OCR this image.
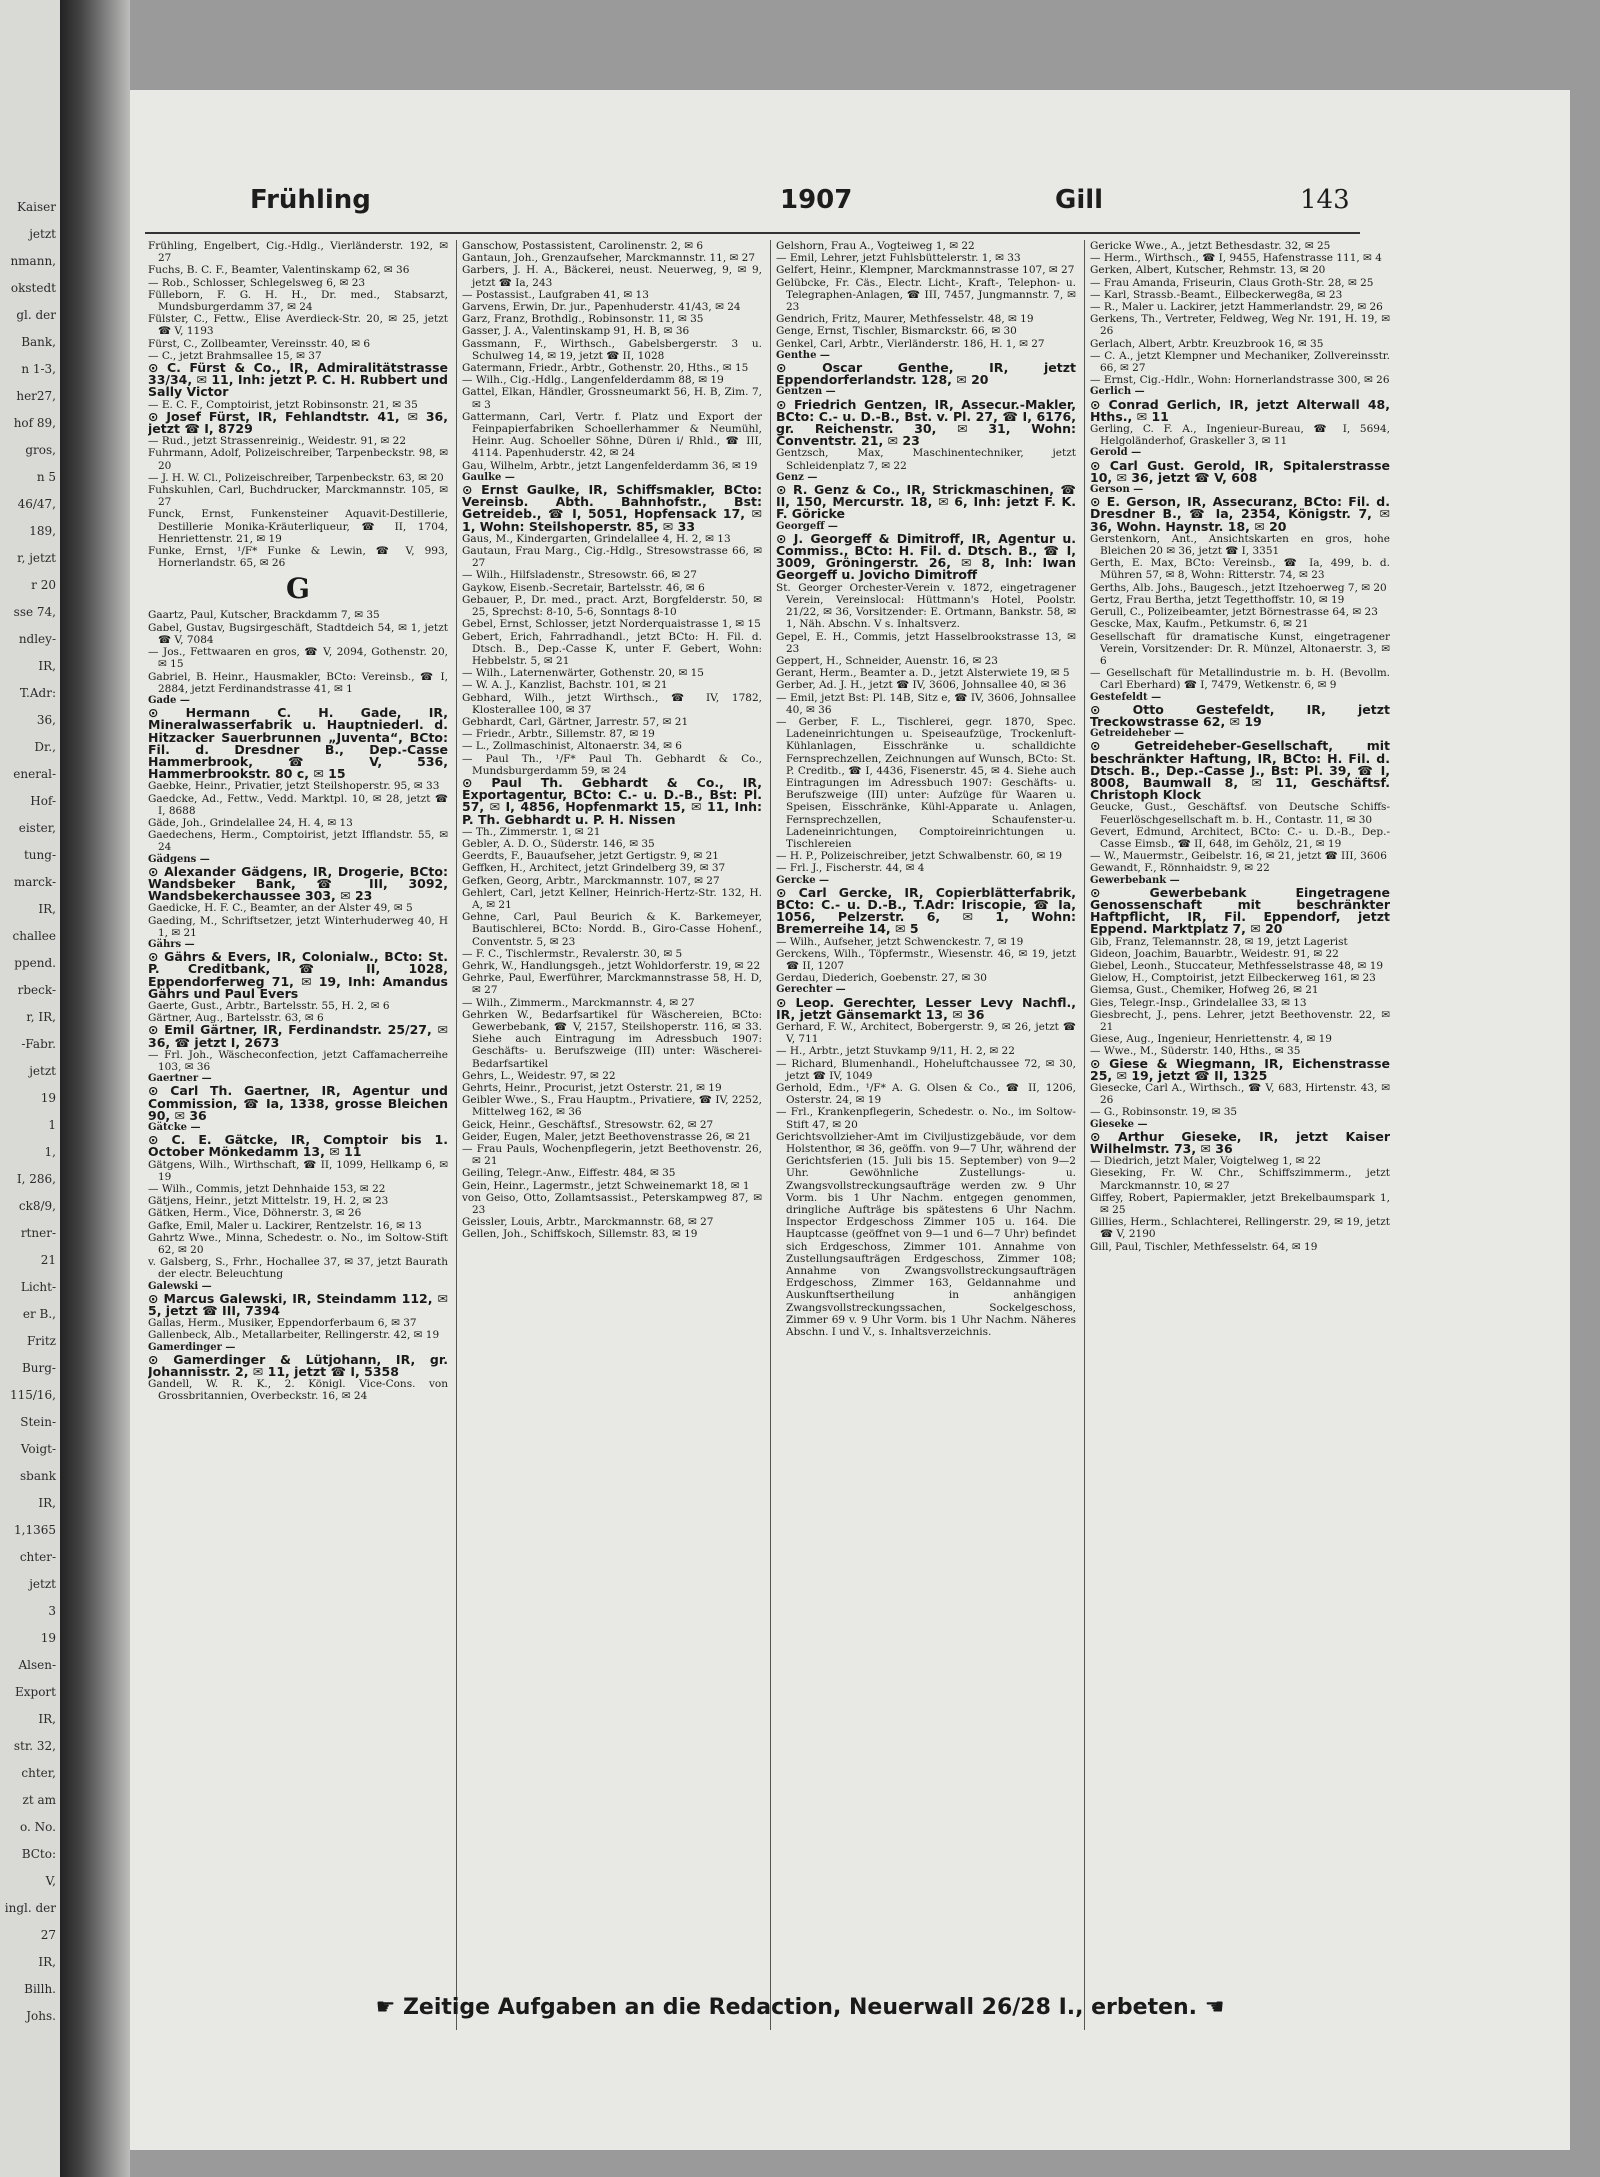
Kaiser
jetzt
nmann,
okstedt
gl. der
Bank,
n 1-3,
her27,
hof 89,
gros,
n 5
46/47,
189,
r, jetzt
r 20
sse 74,
ndley-
IR,
T.Adr:
36,
Dr.,
eneral-
Hof-
eister,
tung-
marck-
IR,
challee
ppend.
rbeck-
r, IR,
-Fabr.
jetzt
19
1
1,
I, 286,
ck8/9,
rtner-
21
Licht-
er B.,
Fritz
Burg-
115/16,
Stein-
Voigt-
sbank
IR,
1,1365
chter-
jetzt
3
19
Alsen-
Export
IR,
str. 32,
chter,
zt am
o. No.
BCto:
V,
ingl. der
27
IR,
Billh.
Johs.
Frühling	1907	Gill	143

Frühling, Engelbert, Cig.-Hdlg., Vierländerstr. 192, ✉ 27

Fuchs, B. C. F., Beamter, Valentinskamp 62, ✉ 36

— Rob., Schlosser, Schlegelsweg 6, ✉ 23

Fülleborn, F. G. H. H., Dr. med., Stabsarzt, Mundsburgerdamm 37, ✉ 24

Fülster, C., Fettw., Elise Averdieck-Str. 20, ✉ 25, jetzt ☎ V, 1193

Fürst, C., Zollbeamter, Vereinsstr. 40, ✉ 6

— C., jetzt Brahmsallee 15, ✉ 37

⊙ C. Fürst & Co., IR, Admiralitätstrasse 33/34, ✉ 11, Inh: jetzt P. C. H. Rubbert und Sally Victor

— E. C. F., Comptoirist, jetzt Robinsonstr. 21, ✉ 35

⊙ Josef Fürst, IR, Fehlandtstr. 41, ✉ 36, jetzt ☎ I, 8729

— Rud., jetzt Strassenreinig., Weidestr. 91, ✉ 22

Fuhrmann, Adolf, Polizeischreiber, Tarpenbeckstr. 98, ✉ 20

— J. H. W. Cl., Polizeischreiber, Tarpenbeckstr. 63, ✉ 20

Fuhskuhlen, Carl, Buchdrucker, Marckmannstr. 105, ✉ 27

Funck, Ernst, Funkensteiner Aquavit-Destillerie, Destillerie Monika-Kräuterliqueur, ☎ II, 1704, Henriettenstr. 21, ✉ 19

Funke, Ernst, ¹/F* Funke & Lewin, ☎ V, 993, Hornerlandstr. 65, ✉ 26

G

Gaartz, Paul, Kutscher, Brackdamm 7, ✉ 35

Gabel, Gustav, Bugsirgeschäft, Stadtdeich 54, ✉ 1, jetzt ☎ V, 7084

— Jos., Fettwaaren en gros, ☎ V, 2094, Gothenstr. 20, ✉ 15

Gabriel, B. Heinr., Hausmakler, BCto: Vereinsb., ☎ I, 2884, jetzt Ferdinandstrasse 41, ✉ 1

Gade —

⊙ Hermann C. H. Gade, IR, Mineralwasserfabrik u. Hauptniederl. d. Hitzacker Sauerbrunnen „Juventa“, BCto: Fil. d. Dresdner B., Dep.-Casse Hammerbrook, ☎ V, 536, Hammerbrookstr. 80 c, ✉ 15

Gaebke, Heinr., Privatier, jetzt Steilshoperstr. 95, ✉ 33

Gaedcke, Ad., Fettw., Vedd. Marktpl. 10, ✉ 28, jetzt ☎ I, 8688

Gäde, Joh., Grindelallee 24, H. 4, ✉ 13

Gaedechens, Herm., Comptoirist, jetzt Ifflandstr. 55, ✉ 24

Gädgens —

⊙ Alexander Gädgens, IR, Drogerie, BCto: Wandsbeker Bank, ☎ III, 3092, Wandsbekerchaussee 303, ✉ 23

Gaedicke, H. F. C., Beamter, an der Alster 49, ✉ 5

Gaeding, M., Schriftsetzer, jetzt Winterhuderweg 40, H 1, ✉ 21

Gährs —

⊙ Gährs & Evers, IR, Colonialw., BCto: St. P. Creditbank, ☎ II, 1028, Eppendorferweg 71, ✉ 19, Inh: Amandus Gährs und Paul Evers

Gaerte, Gust., Arbtr., Bartelsstr. 55, H. 2, ✉ 6

Gärtner, Aug., Bartelsstr. 63, ✉ 6

⊙ Emil Gärtner, IR, Ferdinandstr. 25/27, ✉ 36, ☎ jetzt I, 2673

— Frl. Joh., Wäscheconfection, jetzt Caffamacherreihe 103, ✉ 36

Gaertner —

⊙ Carl Th. Gaertner, IR, Agentur und Commission, ☎ Ia, 1338, grosse Bleichen 90, ✉ 36

Gätcke —

⊙ C. E. Gätcke, IR, Comptoir bis 1. October Mönkedamm 13, ✉ 11

Gätgens, Wilh., Wirthschaft, ☎ II, 1099, Hellkamp 6, ✉ 19

— Wilh., Commis, jetzt Dehnhaide 153, ✉ 22

Gätjens, Heinr., jetzt Mittelstr. 19, H. 2, ✉ 23

Gätken, Herm., Vice, Döhnerstr. 3, ✉ 26

Gafke, Emil, Maler u. Lackirer, Rentzelstr. 16, ✉ 13

Gahrtz Wwe., Minna, Schedestr. o. No., im Soltow-Stift 62, ✉ 20

v. Galsberg, S., Frhr., Hochallee 37, ✉ 37, jetzt Baurath der electr. Beleuchtung

Galewski —

⊙ Marcus Galewski, IR, Steindamm 112, ✉ 5, jetzt ☎ III, 7394

Gallas, Herm., Musiker, Eppendorferbaum 6, ✉ 37

Gallenbeck, Alb., Metallarbeiter, Rellingerstr. 42, ✉ 19

Gamerdinger —

⊙ Gamerdinger & Lütjohann, IR, gr. Johannisstr. 2, ✉ 11, jetzt ☎ I, 5358

Gandell, W. R. K., 2. Königl. Vice-Cons. von Grossbritannien, Overbeckstr. 16, ✉ 24

Ganschow, Postassistent, Carolinenstr. 2, ✉ 6

Gantaun, Joh., Grenzaufseher, Marckmannstr. 11, ✉ 27

Garbers, J. H. A., Bäckerei, neust. Neuerweg, 9, ✉ 9, jetzt ☎ Ia, 243

— Postassist., Laufgraben 41, ✉ 13

Garvens, Erwin, Dr. jur., Papenhuderstr. 41/43, ✉ 24

Garz, Franz, Brothdlg., Robinsonstr. 11, ✉ 35

Gasser, J. A., Valentinskamp 91, H. B, ✉ 36

Gassmann, F., Wirthsch., Gabelsbergerstr. 3 u. Schulweg 14, ✉ 19, jetzt ☎ II, 1028

Gatermann, Friedr., Arbtr., Gothenstr. 20, Hths., ✉ 15

— Wilh., Cig.-Hdlg., Langenfelderdamm 88, ✉ 19

Gattel, Elkan, Händler, Grossneumarkt 56, H. B, Zim. 7, ✉ 3

Gattermann, Carl, Vertr. f. Platz und Export der Feinpapierfabriken Schoellerhammer & Neumühl, Heinr. Aug. Schoeller Söhne, Düren i/ Rhld., ☎ III, 4114. Papenhuderstr. 42, ✉ 24

Gau, Wilhelm, Arbtr., jetzt Langenfelderdamm 36, ✉ 19

Gaulke —

⊙ Ernst Gaulke, IR, Schiffsmakler, BCto: Vereinsb. Abth. Bahnhofstr., Bst: Getreideb., ☎ I, 5051, Hopfensack 17, ✉ 1, Wohn: Steilshoperstr. 85, ✉ 33

Gaus, M., Kindergarten, Grindelallee 4, H. 2, ✉ 13

Gautaun, Frau Marg., Cig.-Hdlg., Stresowstrasse 66, ✉ 27

— Wilh., Hilfsladenstr., Stresowstr. 66, ✉ 27

Gaykow, Eisenb.-Secretair, Bartelsstr. 46, ✉ 6

Gebauer, P., Dr. med., pract. Arzt, Borgfelderstr. 50, ✉ 25, Sprechst: 8-10, 5-6, Sonntags 8-10

Gebel, Ernst, Schlosser, jetzt Norderquaistrasse 1, ✉ 15

Gebert, Erich, Fahrradhandl., jetzt BCto: H. Fil. d. Dtsch. B., Dep.-Casse K, unter F. Gebert, Wohn: Hebbelstr. 5, ✉ 21

— Wilh., Laternenwärter, Gothenstr. 20, ✉ 15

— W. A. J., Kanzlist, Bachstr. 101, ✉ 21

Gebhard, Wilh., jetzt Wirthsch., ☎ IV, 1782, Klosterallee 100, ✉ 37

Gebhardt, Carl, Gärtner, Jarrestr. 57, ✉ 21

— Friedr., Arbtr., Sillemstr. 87, ✉ 19

— L., Zollmaschinist, Altonaerstr. 34, ✉ 6

— Paul Th., ¹/F* Paul Th. Gebhardt & Co., Mundsburgerdamm 59, ✉ 24

⊙ Paul Th. Gebhardt & Co., IR, Exportagentur, BCto: C.- u. D.-B., Bst: Pl. 57, ✉ I, 4856, Hopfenmarkt 15, ✉ 11, Inh: P. Th. Gebhardt u. P. H. Nissen

— Th., Zimmerstr. 1, ✉ 21

Gebler, A. D. O., Süderstr. 146, ✉ 35

Geerdts, F., Bauaufseher, jetzt Gertigstr. 9, ✉ 21

Geffken, H., Architect, jetzt Grindelberg 39, ✉ 37

Gefken, Georg, Arbtr., Marckmannstr. 107, ✉ 27

Gehlert, Carl, jetzt Kellner, Heinrich-Hertz-Str. 132, H. A, ✉ 21

Gehne, Carl, Paul Beurich & K. Barkemeyer, Bautischlerei, BCto: Nordd. B., Giro-Casse Hohenf., Conventstr. 5, ✉ 23

— F. C., Tischlermstr., Revalerstr. 30, ✉ 5

Gehrk, W., Handlungsgeh., jetzt Wohldorferstr. 19, ✉ 22

Gehrke, Paul, Ewerführer, Marckmannstrasse 58, H. D, ✉ 27

— Wilh., Zimmerm., Marckmannstr. 4, ✉ 27

Gehrken W., Bedarfsartikel für Wäschereien, BCto: Gewerbebank, ☎ V, 2157, Steilshoperstr. 116, ✉ 33. Siehe auch Eintragung im Adressbuch 1907: Geschäfts- u. Berufszweige (III) unter: Wäscherei-Bedarfsartikel

Gehrs, L., Weidestr. 97, ✉ 22

Gehrts, Heinr., Procurist, jetzt Osterstr. 21, ✉ 19

Geibler Wwe., S., Frau Hauptm., Privatiere, ☎ IV, 2252, Mittelweg 162, ✉ 36

Geick, Heinr., Geschäftsf., Stresowstr. 62, ✉ 27

Geider, Eugen, Maler, jetzt Beethovenstrasse 26, ✉ 21

— Frau Pauls, Wochenpflegerin, jetzt Beethovenstr. 26, ✉ 21

Geiling, Telegr.-Anw., Eiffestr. 484, ✉ 35

Gein, Heinr., Lagermstr., jetzt Schweinemarkt 18, ✉ 1

von Geiso, Otto, Zollamtsassist., Peterskampweg 87, ✉ 23

Geissler, Louis, Arbtr., Marckmannstr. 68, ✉ 27

Gellen, Joh., Schiffskoch, Sillemstr. 83, ✉ 19

Gelshorn, Frau A., Vogteiweg 1, ✉ 22

— Emil, Lehrer, jetzt Fuhlsbüttelerstr. 1, ✉ 33

Gelfert, Heinr., Klempner, Marckmannstrasse 107, ✉ 27

Gelübcke, Fr. Cäs., Electr. Licht-, Kraft-, Telephon- u. Telegraphen-Anlagen, ☎ III, 7457, Jungmannstr. 7, ✉ 23

Gendrich, Fritz, Maurer, Methfesselstr. 48, ✉ 19

Genge, Ernst, Tischler, Bismarckstr. 66, ✉ 30

Genkel, Carl, Arbtr., Vierländerstr. 186, H. 1, ✉ 27

Genthe —

⊙ Oscar Genthe, IR, jetzt Eppendorferlandstr. 128, ✉ 20

Gentzen —

⊙ Friedrich Gentzen, IR, Assecur.-Makler, BCto: C.- u. D.-B., Bst. v. Pl. 27, ☎ I, 6176, gr. Reichenstr. 30, ✉ 31, Wohn: Conventstr. 21, ✉ 23

Gentzsch, Max, Maschinentechniker, jetzt Schleidenplatz 7, ✉ 22

Genz —

⊙ R. Genz & Co., IR, Strickmaschinen, ☎ II, 150, Mercurstr. 18, ✉ 6, Inh: jetzt F. K. F. Göricke

Georgeff —

⊙ J. Georgeff & Dimitroff, IR, Agentur u. Commiss., BCto: H. Fil. d. Dtsch. B., ☎ I, 3009, Gröningerstr. 26, ✉ 8, Inh: Iwan Georgeff u. Jovicho Dimitroff

St. Georger Orchester-Verein v. 1872, eingetragener Verein, Vereinslocal: Hüttmann's Hotel, Poolstr. 21/22, ✉ 36, Vorsitzender: E. Ortmann, Bankstr. 58, ✉ 1, Näh. Abschn. V s. Inhaltsverz.

Gepel, E. H., Commis, jetzt Hasselbrookstrasse 13, ✉ 23

Geppert, H., Schneider, Auenstr. 16, ✉ 23

Gerant, Herm., Beamter a. D., jetzt Alsterwiete 19, ✉ 5

Gerber, Ad. J. H., jetzt ☎ IV, 3606, Johnsallee 40, ✉ 36

— Emil, jetzt Bst: Pl. 14B, Sitz e, ☎ IV, 3606, Johnsallee 40, ✉ 36

— Gerber, F. L., Tischlerei, gegr. 1870, Spec. Ladeneinrichtungen u. Speiseaufzüge, Trockenluft-Kühlanlagen, Eisschränke u. schalldichte Fernsprechzellen, Zeichnungen auf Wunsch, BCto: St. P. Creditb., ☎ I, 4436, Fisenerstr. 45, ✉ 4. Siehe auch Eintragungen im Adressbuch 1907: Geschäfts- u. Berufszweige (III) unter: Aufzüge für Waaren u. Speisen, Eisschränke, Kühl-Apparate u. Anlagen, Fernsprechzellen, Schaufenster-u. Ladeneinrichtungen, Comptoireinrichtungen u. Tischlereien

— H. P., Polizeischreiber, jetzt Schwalbenstr. 60, ✉ 19

— Frl. J., Fischerstr. 44, ✉ 4

Gercke —

⊙ Carl Gercke, IR, Copierblätterfabrik, BCto: C.- u. D.-B., T.Adr: Iriscopie, ☎ Ia, 1056, Pelzerstr. 6, ✉ 1, Wohn: Bremerreihe 14, ✉ 5

— Wilh., Aufseher, jetzt Schwenckestr. 7, ✉ 19

Gerckens, Wilh., Töpfermstr., Wiesenstr. 46, ✉ 19, jetzt ☎ II, 1207

Gerdau, Diederich, Goebenstr. 27, ✉ 30

Gerechter —

⊙ Leop. Gerechter, Lesser Levy Nachfl., IR, jetzt Gänsemarkt 13, ✉ 36

Gerhard, F. W., Architect, Bobergerstr. 9, ✉ 26, jetzt ☎ V, 711

— H., Arbtr., jetzt Stuvkamp 9/11, H. 2, ✉ 22

— Richard, Blumenhandl., Hoheluftchaussee 72, ✉ 30, jetzt ☎ IV, 1049

Gerhold, Edm., ¹/F* A. G. Olsen & Co., ☎ II, 1206, Osterstr. 24, ✉ 19

— Frl., Krankenpflegerin, Schedestr. o. No., im Soltow-Stift 47, ✉ 20

Gerichtsvollzieher-Amt im Civiljustizgebäude, vor dem Holstenthor, ✉ 36, geöffn. von 9—7 Uhr, während der Gerichtsferien (15. Juli bis 15. September) von 9—2 Uhr. Gewöhnliche Zustellungs- u. Zwangsvollstreckungsaufträge werden zw. 9 Uhr Vorm. bis 1 Uhr Nachm. entgegen genommen, dringliche Aufträge bis spätestens 6 Uhr Nachm. Inspector Erdgeschoss Zimmer 105 u. 164. Die Hauptcasse (geöffnet von 9—1 und 6—7 Uhr) befindet sich Erdgeschoss, Zimmer 101. Annahme von Zustellungsaufträgen Erdgeschoss, Zimmer 108; Annahme von Zwangsvollstreckungsaufträgen Erdgeschoss, Zimmer 163, Geldannahme und Auskunftsertheilung in anhängigen Zwangsvollstreckungssachen, Sockelgeschoss, Zimmer 69 v. 9 Uhr Vorm. bis 1 Uhr Nachm. Näheres Abschn. I und V., s. Inhaltsverzeichnis.

Gericke Wwe., A., jetzt Bethesdastr. 32, ✉ 25

— Herm., Wirthsch., ☎ I, 9455, Hafenstrasse 111, ✉ 4

Gerken, Albert, Kutscher, Rehmstr. 13, ✉ 20

— Frau Amanda, Friseurin, Claus Groth-Str. 28, ✉ 25

— Karl, Strassb.-Beamt., Eilbeckerweg8a, ✉ 23

— R., Maler u. Lackirer, jetzt Hammerlandstr. 29, ✉ 26

Gerkens, Th., Vertreter, Feldweg, Weg Nr. 191, H. 19, ✉ 26

Gerlach, Albert, Arbtr. Kreuzbrook 16, ✉ 35

— C. A., jetzt Klempner und Mechaniker, Zollvereinsstr. 66, ✉ 27

— Ernst, Cig.-Hdlr., Wohn: Hornerlandstrasse 300, ✉ 26

Gerlich —

⊙ Conrad Gerlich, IR, jetzt Alterwall 48, Hths., ✉ 11

Gerling, C. F. A., Ingenieur-Bureau, ☎ I, 5694, Helgoländerhof, Graskeller 3, ✉ 11

Gerold —

⊙ Carl Gust. Gerold, IR, Spitalerstrasse 10, ✉ 36, jetzt ☎ V, 608

Gerson —

⊙ E. Gerson, IR, Assecuranz, BCto: Fil. d. Dresdner B., ☎ Ia, 2354, Königstr. 7, ✉ 36, Wohn. Haynstr. 18, ✉ 20

Gerstenkorn, Ant., Ansichtskarten en gros, hohe Bleichen 20 ✉ 36, jetzt ☎ I, 3351

Gerth, E. Max, BCto: Vereinsb., ☎ Ia, 499, b. d. Mühren 57, ✉ 8, Wohn: Ritterstr. 74, ✉ 23

Gerths, Alb. Johs., Baugesch., jetzt Itzehoerweg 7, ✉ 20

Gertz, Frau Bertha, jetzt Tegetthoffstr. 10, ✉ 19

Gerull, C., Polizeibeamter, jetzt Börnestrasse 64, ✉ 23

Gescke, Max, Kaufm., Petkumstr. 6, ✉ 21

Gesellschaft für dramatische Kunst, eingetragener Verein, Vorsitzender: Dr. R. Münzel, Altonaerstr. 3, ✉ 6

— Gesellschaft für Metallindustrie m. b. H. (Bevollm. Carl Eberhard) ☎ I, 7479, Wetkenstr. 6, ✉ 9

Gestefeldt —

⊙ Otto Gestefeldt, IR, jetzt Treckowstrasse 62, ✉ 19

Getreideheber —

⊙ Getreideheber-Gesellschaft, mit beschränkter Haftung, IR, BCto: H. Fil. d. Dtsch. B., Dep.-Casse J., Bst: Pl. 39, ☎ I, 8008, Baumwall 8, ✉ 11, Geschäftsf. Christoph Klock

Geucke, Gust., Geschäftsf. von Deutsche Schiffs- Feuerlöschgesellschaft m. b. H., Contastr. 11, ✉ 30

Gevert, Edmund, Architect, BCto: C.- u. D.-B., Dep.-Casse Eimsb., ☎ II, 648, im Gehölz, 21, ✉ 19

— W., Mauermstr., Geibelstr. 16, ✉ 21, jetzt ☎ III, 3606

Gewandt, F., Rönnhaidstr. 9, ✉ 22

Gewerbebank —

⊙ Gewerbebank Eingetragene Genossenschaft mit beschränkter Haftpflicht, IR, Fil. Eppendorf, jetzt Eppend. Marktplatz 7, ✉ 20

Gib, Franz, Telemannstr. 28, ✉ 19, jetzt Lagerist

Gideon, Joachim, Bauarbtr., Weidestr. 91, ✉ 22

Giebel, Leonh., Stuccateur, Methfesselstrasse 48, ✉ 19

Gielow, H., Comptoirist, jetzt Eilbeckerweg 161, ✉ 23

Giemsa, Gust., Chemiker, Hofweg 26, ✉ 21

Gies, Telegr.-Insp., Grindelallee 33, ✉ 13

Giesbrecht, J., pens. Lehrer, jetzt Beethovenstr. 22, ✉ 21

Giese, Aug., Ingenieur, Henriettenstr. 4, ✉ 19

— Wwe., M., Süderstr. 140, Hths., ✉ 35

⊙ Giese & Wiegmann, IR, Eichenstrasse 25, ✉ 19, jetzt ☎ II, 1325

Giesecke, Carl A., Wirthsch., ☎ V, 683, Hirtenstr. 43, ✉ 26

— G., Robinsonstr. 19, ✉ 35

Gieseke —

⊙ Arthur Gieseke, IR, jetzt Kaiser Wilhelmstr. 73, ✉ 36

— Diedrich, jetzt Maler, Voigtelweg 1, ✉ 22

Gieseking, Fr. W. Chr., Schiffszimmerm., jetzt Marckmannstr. 10, ✉ 27

Giffey, Robert, Papiermakler, jetzt Brekelbaumspark 1, ✉ 25

Gillies, Herm., Schlachterei, Rellingerstr. 29, ✉ 19, jetzt ☎ V, 2190

Gill, Paul, Tischler, Methfesselstr. 64, ✉ 19

☛ Zeitige Aufgaben an die Redaction, Neuerwall 26/28 I., erbeten. ☚
